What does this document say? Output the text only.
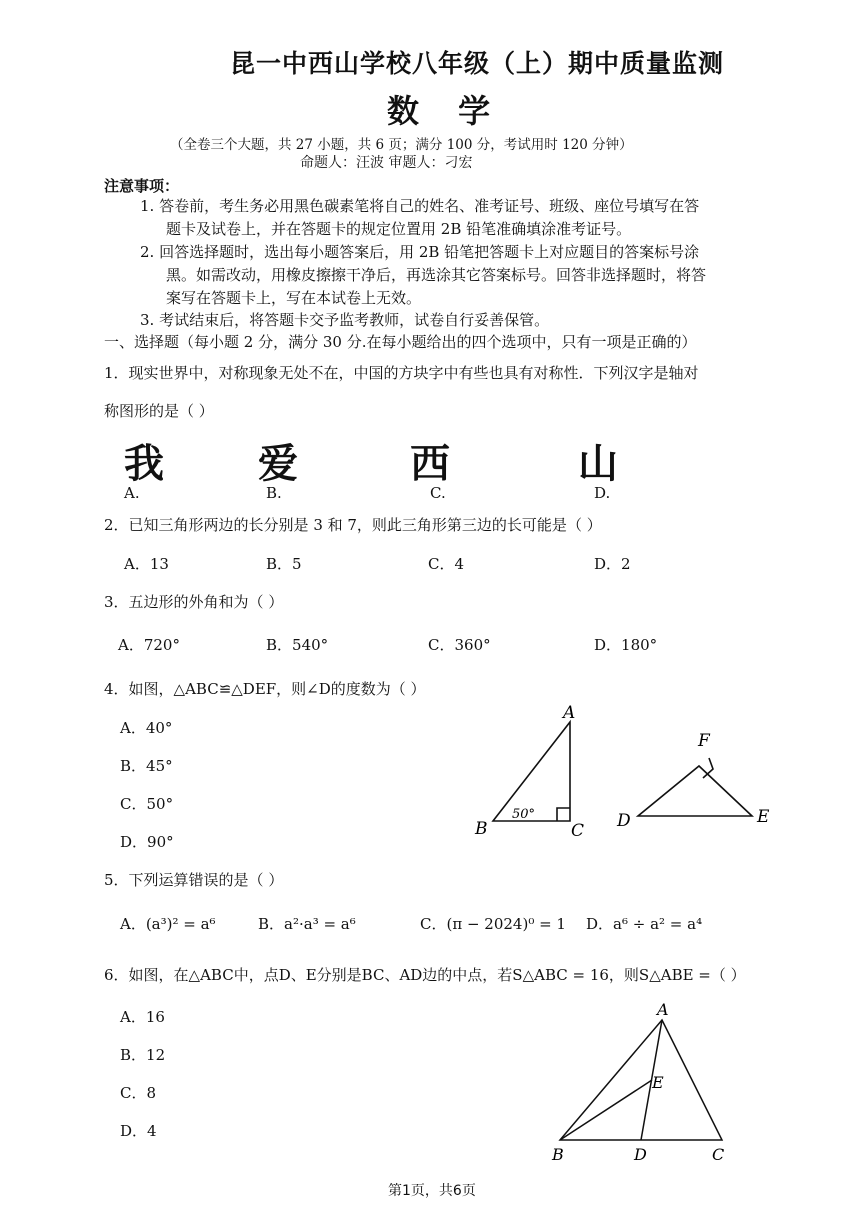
昆一中西山学校八年级（上）期中质量监测
数 学
（全卷三个大题，共 27 小题，共 6 页；满分 100 分，考试用时 120 分钟）
命题人：汪波 审题人：刁宏
注意事项：
1. 答卷前，考生务必用黑色碳素笔将自己的姓名、准考证号、班级、座位号填写在答
题卡及试卷上，并在答题卡的规定位置用 2B 铅笔准确填涂准考证号。
2. 回答选择题时，选出每小题答案后，用 2B 铅笔把答题卡上对应题目的答案标号涂
黑。如需改动，用橡皮擦擦干净后，再选涂其它答案标号。回答非选择题时，将答
案写在答题卡上，写在本试卷上无效。
3. 考试结束后，将答题卡交予监考教师，试卷自行妥善保管。
一、选择题（每小题 2 分，满分 30 分.在每小题给出的四个选项中，只有一项是正确的）
1．现实世界中，对称现象无处不在，中国的方块字中有些也具有对称性．下列汉字是轴对
称图形的是（ ）
我 爱	西	山
A.	B.	C.	D.
2．已知三角形两边的长分别是 3 和 7，则此三角形第三边的长可能是（ ）
A．13	B．5	C．4	D．2
3．五边形的外角和为（ ）
A．720°	B．540°	C．360°	D．180°
4．如图，△ABC≌△DEF，则∠D的度数为（ ）
A．40°
B．45°
C．50°
D．90°
A
B	C
50°	D	E
F
5．下列运算错误的是（ ）
A．(a³)² = a⁶	B．a²·a³ = a⁶	C．(π − 2024)⁰ = 1 D．a⁶ ÷ a² = a⁴
6．如图，在△ABC中，点D、E分别是BC、AD边的中点，若S△ABC = 16，则S△ABE =（ ）
A．16
B．12
C．8
D．4
A
B	D	C
E
第1页，共6页
